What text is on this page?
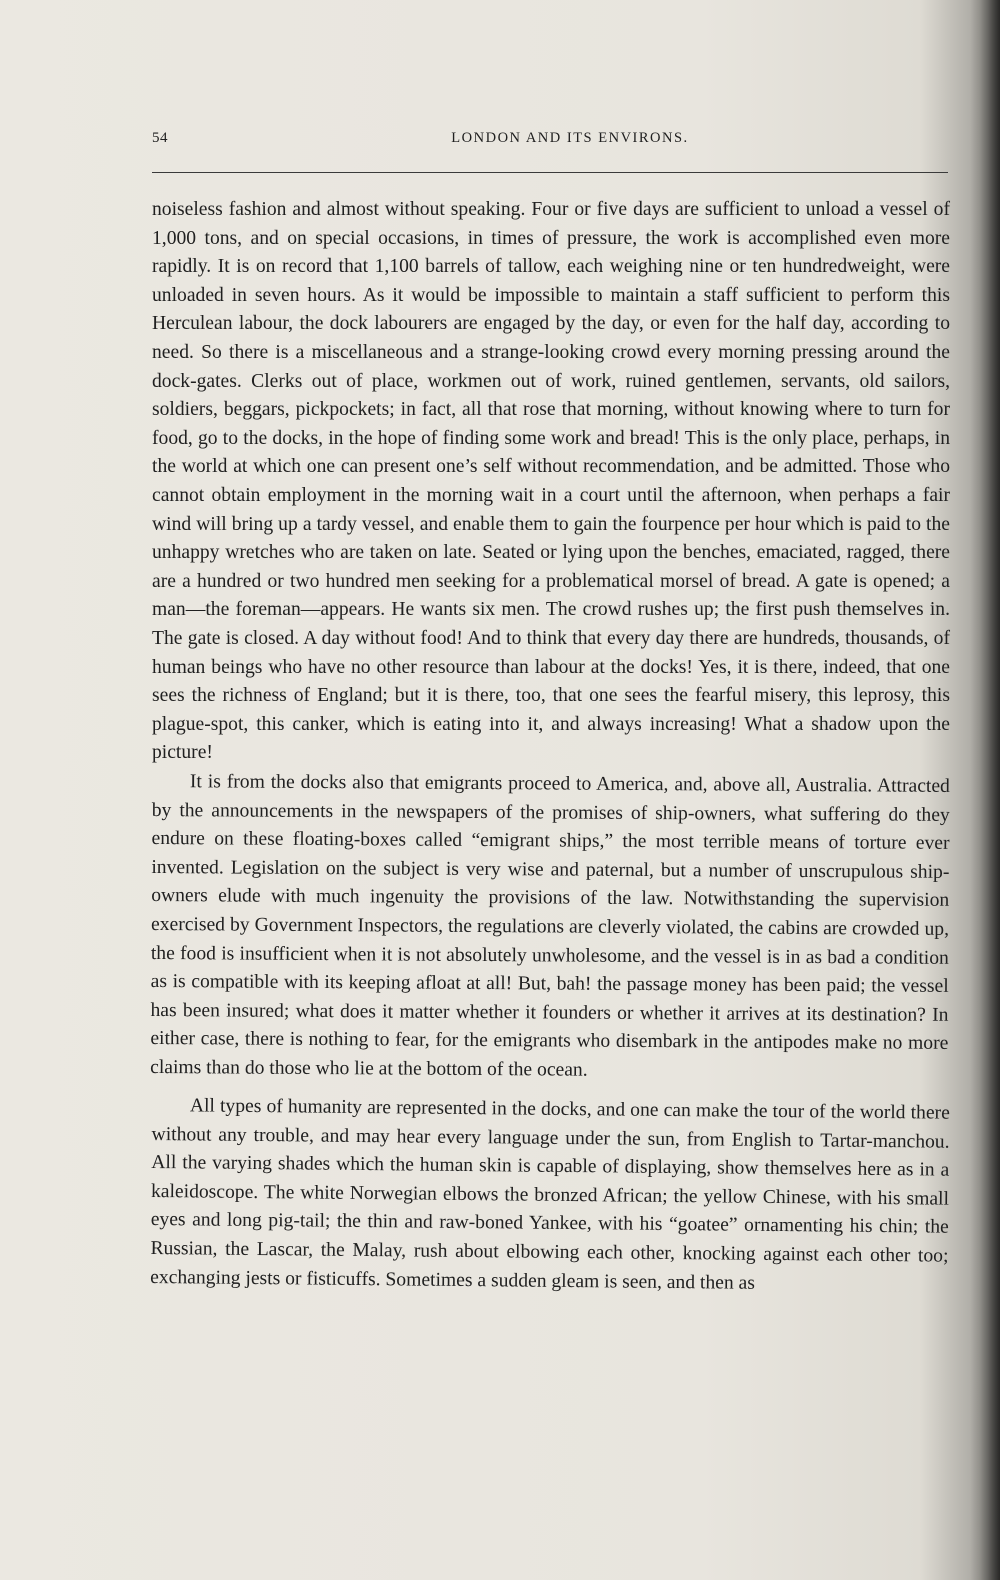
54	LONDON AND ITS ENVIRONS.

noiseless fashion and almost without speaking. Four or five days are sufficient to unload a vessel of 1,000 tons, and on special occasions, in times of pressure, the work is accomplished even more rapidly. It is on record that 1,100 barrels of tallow, each weighing nine or ten hundredweight, were unloaded in seven hours. As it would be impossible to maintain a staff sufficient to perform this Herculean labour, the dock labourers are engaged by the day, or even for the half day, according to need. So there is a miscellaneous and a strange-looking crowd every morning pressing around the dock-gates. Clerks out of place, workmen out of work, ruined gentlemen, servants, old sailors, soldiers, beggars, pickpockets; in fact, all that rose that morning, without knowing where to turn for food, go to the docks, in the hope of finding some work and bread! This is the only place, perhaps, in the world at which one can present one’s self without recommendation, and be admitted. Those who cannot obtain employment in the morning wait in a court until the afternoon, when perhaps a fair wind will bring up a tardy vessel, and enable them to gain the fourpence per hour which is paid to the unhappy wretches who are taken on late. Seated or lying upon the benches, emaciated, ragged, there are a hundred or two hundred men seeking for a problematical morsel of bread. A gate is opened; a man—the foreman—appears. He wants six men. The crowd rushes up; the first push themselves in. The gate is closed. A day without food! And to think that every day there are hundreds, thousands, of human beings who have no other resource than labour at the docks! Yes, it is there, indeed, that one sees the richness of England; but it is there, too, that one sees the fearful misery, this leprosy, this plague-spot, this canker, which is eating into it, and always increasing! What a shadow upon the picture!

It is from the docks also that emigrants proceed to America, and, above all, Australia. Attracted by the announcements in the newspapers of the promises of ship-owners, what suffering do they endure on these floating-boxes called “emigrant ships,” the most terrible means of torture ever invented. Legislation on the subject is very wise and paternal, but a number of unscrupulous ship-owners elude with much ingenuity the provisions of the law. Notwithstanding the supervision exercised by Government Inspectors, the regulations are cleverly violated, the cabins are crowded up, the food is insufficient when it is not absolutely unwholesome, and the vessel is in as bad a condition as is compatible with its keeping afloat at all! But, bah! the passage money has been paid; the vessel has been insured; what does it matter whether it founders or whether it arrives at its destination? In either case, there is nothing to fear, for the emigrants who disembark in the antipodes make no more claims than do those who lie at the bottom of the ocean.

All types of humanity are represented in the docks, and one can make the tour of the world there without any trouble, and may hear every language under the sun, from English to Tartar-manchou. All the varying shades which the human skin is capable of displaying, show themselves here as in a kaleidoscope. The white Norwegian elbows the bronzed African; the yellow Chinese, with his small eyes and long pig-tail; the thin and raw-boned Yankee, with his “goatee” ornamenting his chin; the Russian, the Lascar, the Malay, rush about elbowing each other, knocking against each other too; exchanging jests or fisticuffs. Sometimes a sudden gleam is seen, and then as
